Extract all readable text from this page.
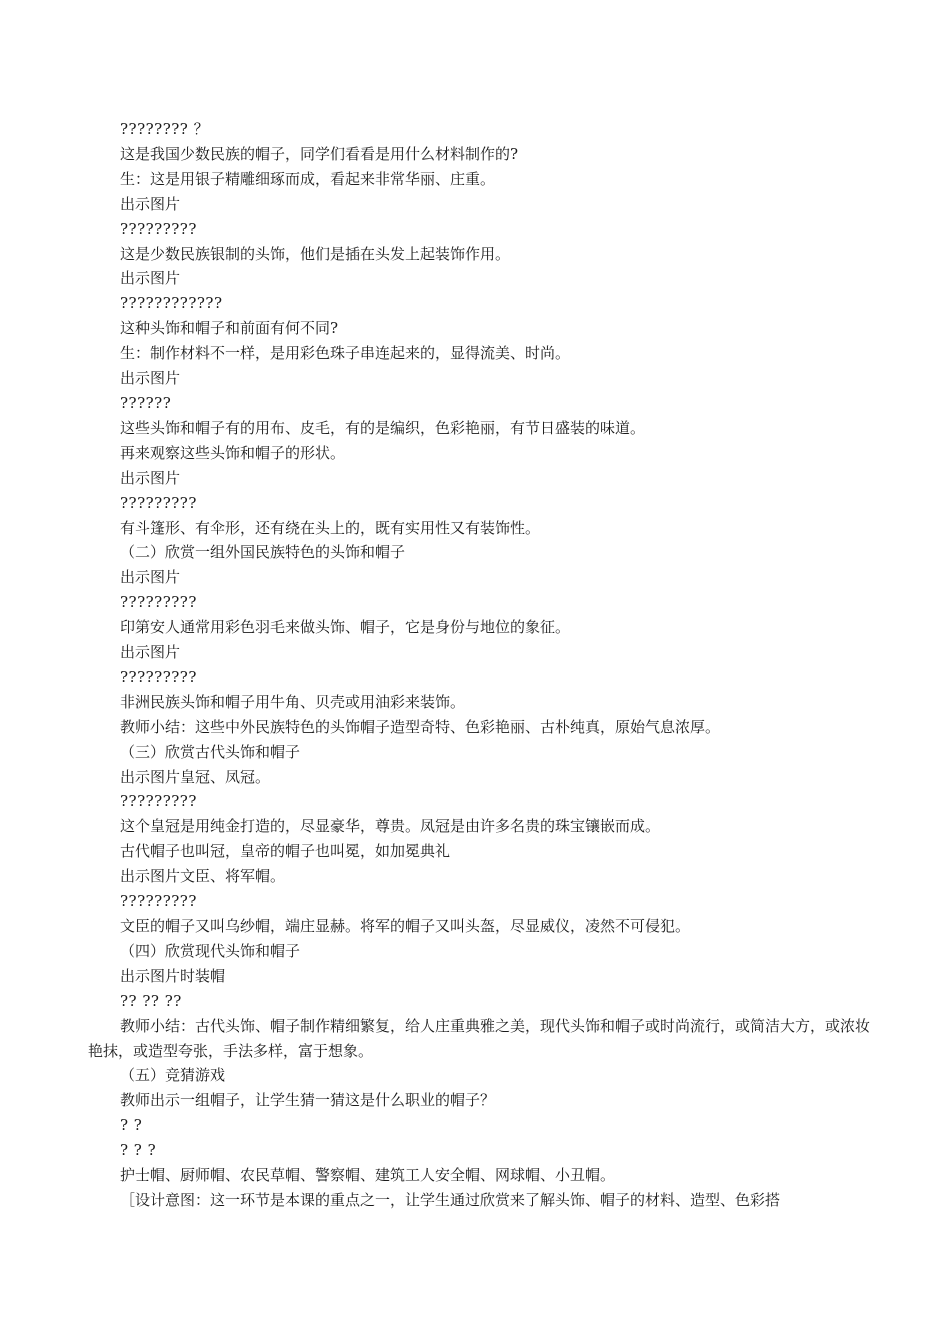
???????? ？
这是我国少数民族的帽子，同学们看看是用什么材料制作的?
生：这是用银子精雕细琢而成，看起来非常华丽、庄重。
出示图片
?????????
这是少数民族银制的头饰，他们是插在头发上起装饰作用。
出示图片
????????????
这种头饰和帽子和前面有何不同?
生：制作材料不一样，是用彩色珠子串连起来的，显得流美、时尚。
出示图片
??????
这些头饰和帽子有的用布、皮毛，有的是编织，色彩艳丽，有节日盛装的味道。
再来观察这些头饰和帽子的形状。
出示图片
?????????
有斗篷形、有伞形，还有绕在头上的，既有实用性又有装饰性。
（二）欣赏一组外国民族特色的头饰和帽子
出示图片
?????????
印第安人通常用彩色羽毛来做头饰、帽子，它是身份与地位的象征。
出示图片
?????????
非洲民族头饰和帽子用牛角、贝壳或用油彩来装饰。
教师小结：这些中外民族特色的头饰帽子造型奇特、色彩艳丽、古朴纯真，原始气息浓厚。
（三）欣赏古代头饰和帽子
出示图片皇冠、凤冠。
?????????
这个皇冠是用纯金打造的，尽显豪华，尊贵。凤冠是由许多名贵的珠宝镶嵌而成。
古代帽子也叫冠，皇帝的帽子也叫冕，如加冕典礼
出示图片文臣、将军帽。
?????????
文臣的帽子又叫乌纱帽，端庄显赫。将军的帽子又叫头盔，尽显威仪，凌然不可侵犯。
（四）欣赏现代头饰和帽子
出示图片时装帽
?? ?? ??
教师小结：古代头饰、帽子制作精细繁复，给人庄重典雅之美，现代头饰和帽子或时尚流行，或简洁大方，或浓妆艳抹，或造型夸张，手法多样，富于想象。
（五）竞猜游戏
教师出示一组帽子，让学生猜一猜这是什么职业的帽子？
? ?
? ? ?
护士帽、厨师帽、农民草帽、警察帽、建筑工人安全帽、网球帽、小丑帽。
［设计意图：这一环节是本课的重点之一，让学生通过欣赏来了解头饰、帽子的材料、造型、色彩搭
